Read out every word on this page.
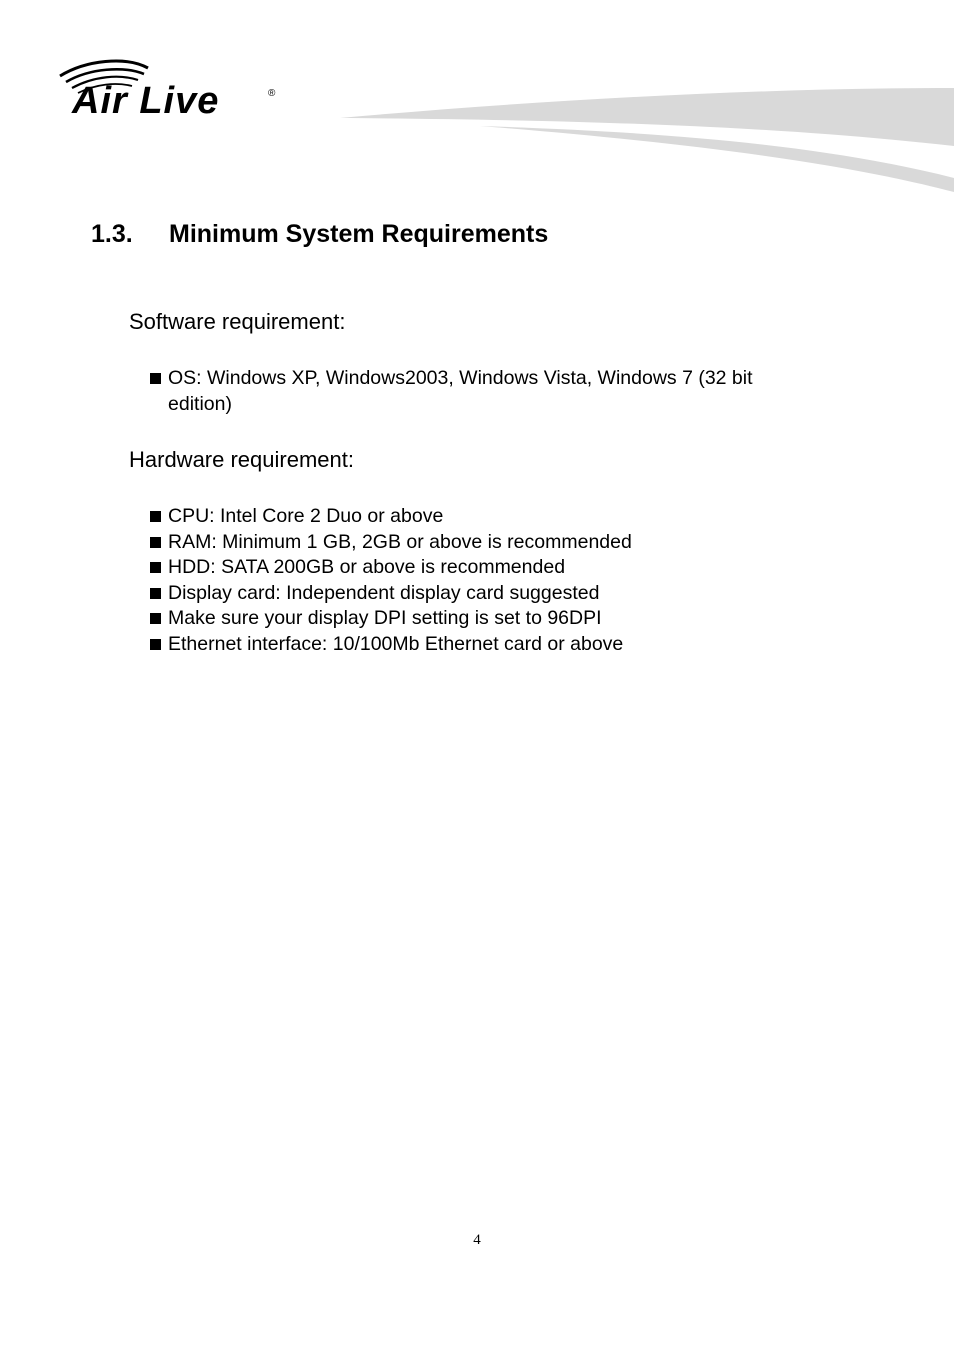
Air Live	®
1.3. Minimum System Requirements
Software requirement:
OS: Windows XP, Windows2003, Windows Vista, Windows 7 (32 bit
edition)
Hardware requirement:
CPU: Intel Core 2 Duo or above
RAM: Minimum 1 GB, 2GB or above is recommended
HDD: SATA 200GB or above is recommended
Display card: Independent display card suggested
Make sure your display DPI setting is set to 96DPI
Ethernet interface: 10/100Mb Ethernet card or above
4
